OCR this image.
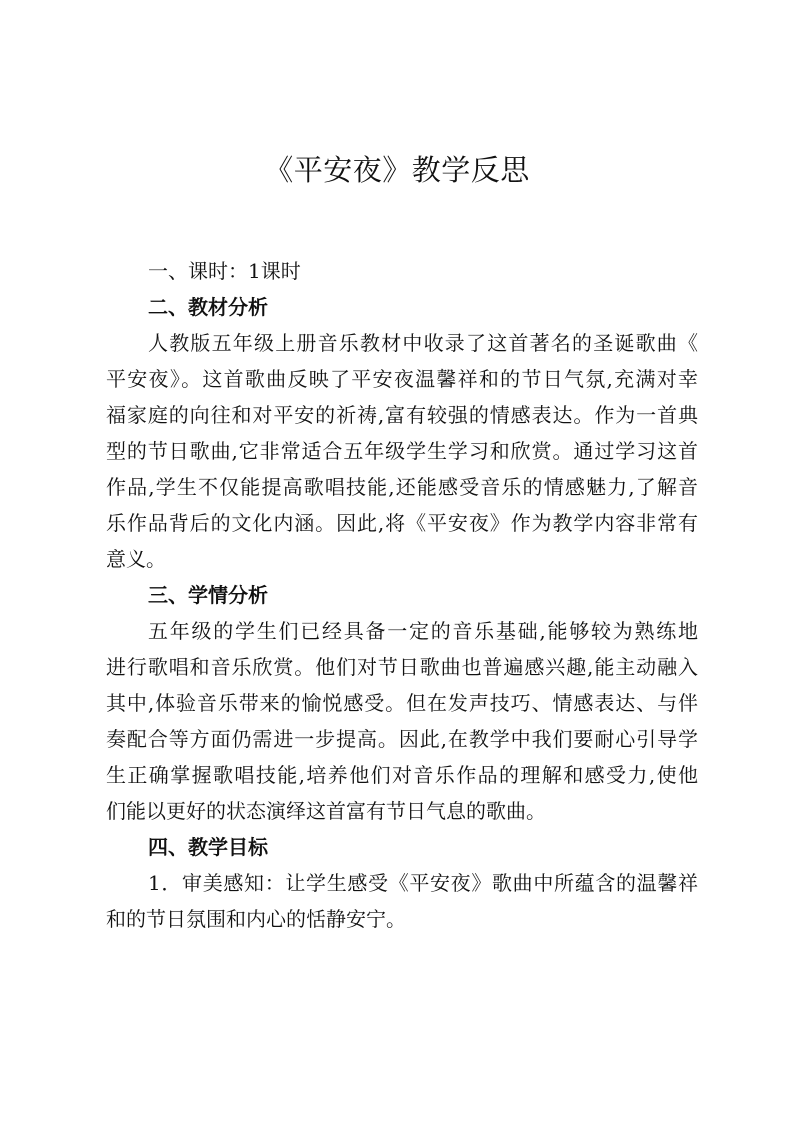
《平安夜》教学反思
一、课时：1课时
二、教材分析
人教版五年级上册音乐教材中收录了这首著名的圣诞歌曲《
平安夜》。这首歌曲反映了平安夜温馨祥和的节日气氛,充满对幸
福家庭的向往和对平安的祈祷,富有较强的情感表达。作为一首典
型的节日歌曲,它非常适合五年级学生学习和欣赏。通过学习这首
作品,学生不仅能提高歌唱技能,还能感受音乐的情感魅力,了解音
乐作品背后的文化内涵。因此,将《平安夜》作为教学内容非常有
意义。
三、学情分析
五年级的学生们已经具备一定的音乐基础,能够较为熟练地
进行歌唱和音乐欣赏。他们对节日歌曲也普遍感兴趣,能主动融入
其中,体验音乐带来的愉悦感受。但在发声技巧、情感表达、与伴
奏配合等方面仍需进一步提高。因此,在教学中我们要耐心引导学
生正确掌握歌唱技能,培养他们对音乐作品的理解和感受力,使他
们能以更好的状态演绎这首富有节日气息的歌曲。
四、教学目标
1．审美感知：让学生感受《平安夜》歌曲中所蕴含的温馨祥
和的节日氛围和内心的恬静安宁。
